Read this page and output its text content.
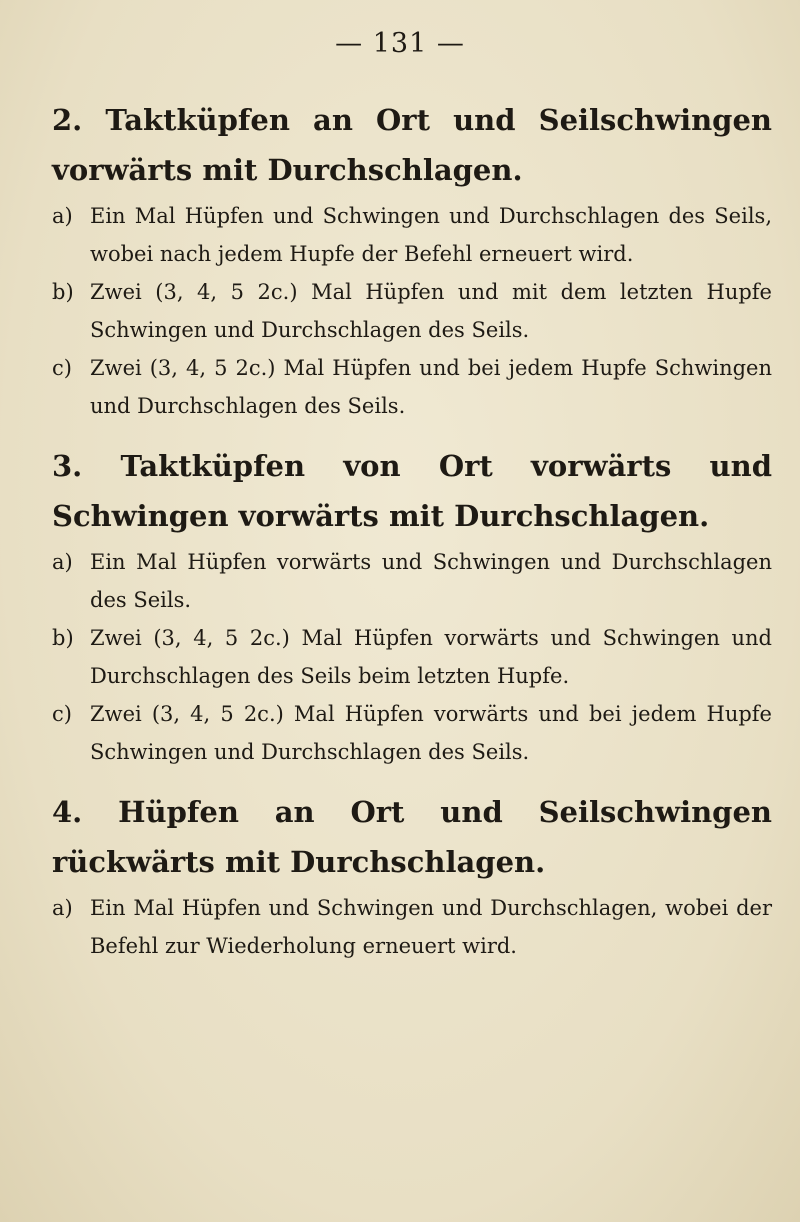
— 131 —
2. Taktküpfen an Ort und Seilschwingen vorwärts mit Durchschlagen.
a) Ein Mal Hüpfen und Schwingen und Durchschlagen des Seils, wobei nach jedem Hupfe der Befehl erneuert wird.
b) Zwei (3, 4, 5 2c.) Mal Hüpfen und mit dem letzten Hupfe Schwingen und Durchschlagen des Seils.
c) Zwei (3, 4, 5 2c.) Mal Hüpfen und bei jedem Hupfe Schwingen und Durchschlagen des Seils.
3. Taktküpfen von Ort vorwärts und Schwingen vorwärts mit Durchschlagen.
a) Ein Mal Hüpfen vorwärts und Schwingen und Durchschlagen des Seils.
b) Zwei (3, 4, 5 2c.) Mal Hüpfen vorwärts und Schwingen und Durchschlagen des Seils beim letzten Hupfe.
c) Zwei (3, 4, 5 2c.) Mal Hüpfen vorwärts und bei jedem Hupfe Schwingen und Durchschlagen des Seils.
4. Hüpfen an Ort und Seilschwingen rückwärts mit Durchschlagen.
a) Ein Mal Hüpfen und Schwingen und Durchschlagen, wobei der Befehl zur Wiederholung erneuert wird.
